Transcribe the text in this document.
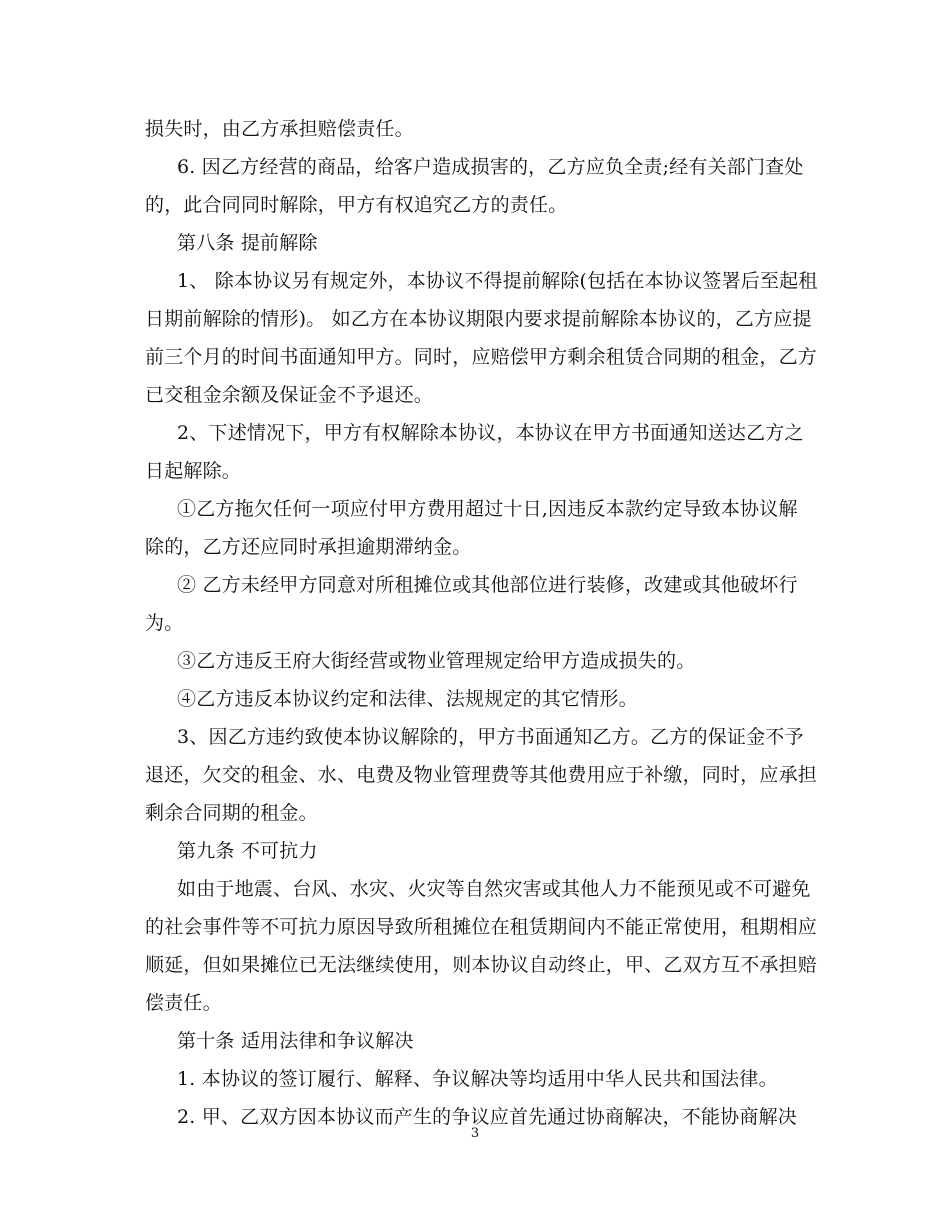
损失时，由乙方承担赔偿责任。
6. 因乙方经营的商品，给客户造成损害的，乙方应负全责;经有关部门查处
的，此合同同时解除，甲方有权追究乙方的责任。
第八条 提前解除
1、 除本协议另有规定外，本协议不得提前解除(包括在本协议签署后至起租
日期前解除的情形)。 如乙方在本协议期限内要求提前解除本协议的，乙方应提
前三个月的时间书面通知甲方。同时，应赔偿甲方剩余租赁合同期的租金，乙方
已交租金余额及保证金不予退还。
2、下述情况下，甲方有权解除本协议，本协议在甲方书面通知送达乙方之
日起解除。
①乙方拖欠任何一项应付甲方费用超过十日,因违反本款约定导致本协议解
除的，乙方还应同时承担逾期滞纳金。
② 乙方未经甲方同意对所租摊位或其他部位进行装修，改建或其他破坏行
为。
③乙方违反王府大街经营或物业管理规定给甲方造成损失的。
④乙方违反本协议约定和法律、法规规定的其它情形。
3、因乙方违约致使本协议解除的，甲方书面通知乙方。乙方的保证金不予
退还，欠交的租金、水、电费及物业管理费等其他费用应于补缴，同时，应承担
剩余合同期的租金。
第九条 不可抗力
如由于地震、台风、水灾、火灾等自然灾害或其他人力不能预见或不可避免
的社会事件等不可抗力原因导致所租摊位在租赁期间内不能正常使用，租期相应
顺延，但如果摊位已无法继续使用，则本协议自动终止，甲、乙双方互不承担赔
偿责任。
第十条 适用法律和争议解决
1. 本协议的签订履行、解释、争议解决等均适用中华人民共和国法律。
2. 甲、乙双方因本协议而产生的争议应首先通过协商解决，不能协商解决
3
